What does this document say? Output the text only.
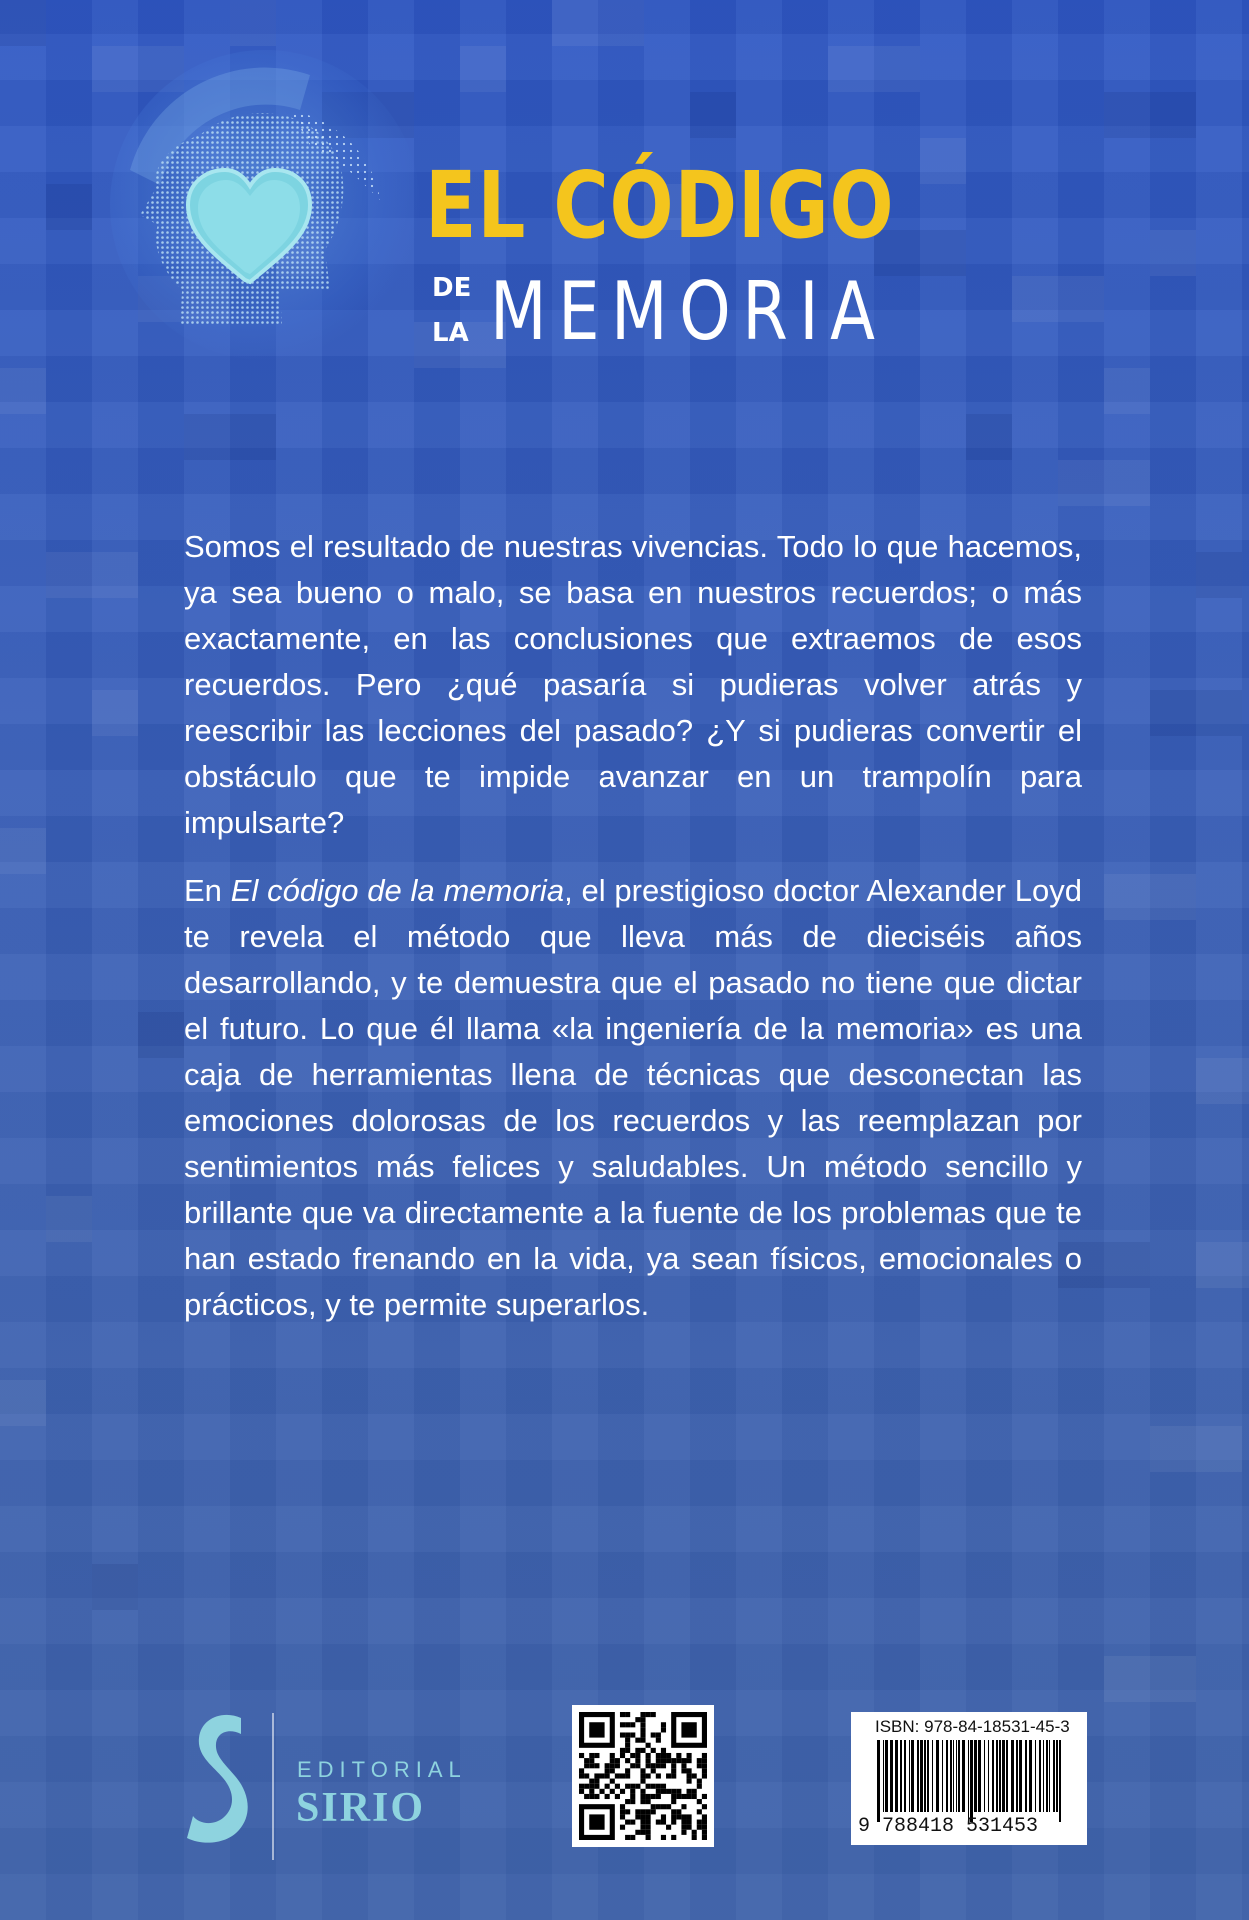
EL CÓDIGO
DE
LA MEMORIA

Somos el resultado de nuestras vivencias. Todo lo que hacemos, ya sea bueno o malo, se basa en nuestros recuerdos; o más exactamente, en las conclusiones que extraemos de esos recuerdos. Pero ¿qué pasaría si pudieras volver atrás y reescribir las lecciones del pasado? ¿Y si pudieras convertir el obstáculo que te impide avanzar en un trampolín para impulsarte?

En El código de la memoria, el prestigioso doctor Alexander Loyd te revela el método que lleva más de dieciséis años desarrollando, y te demuestra que el pasado no tiene que dictar el futuro. Lo que él llama «la ingeniería de la memoria» es una caja de herramientas llena de técnicas que desconectan las emociones dolorosas de los recuerdos y las reemplazan por sentimientos más felices y saludables. Un método sencillo y brillante que va directamente a la fuente de los problemas que te han estado frenando en la vida, ya sean físicos, emocionales o prácticos, y te permite superarlos.

EDITORIAL
SIRIO
ISBN: 978-84-18531-45-3
9 788418 531453
